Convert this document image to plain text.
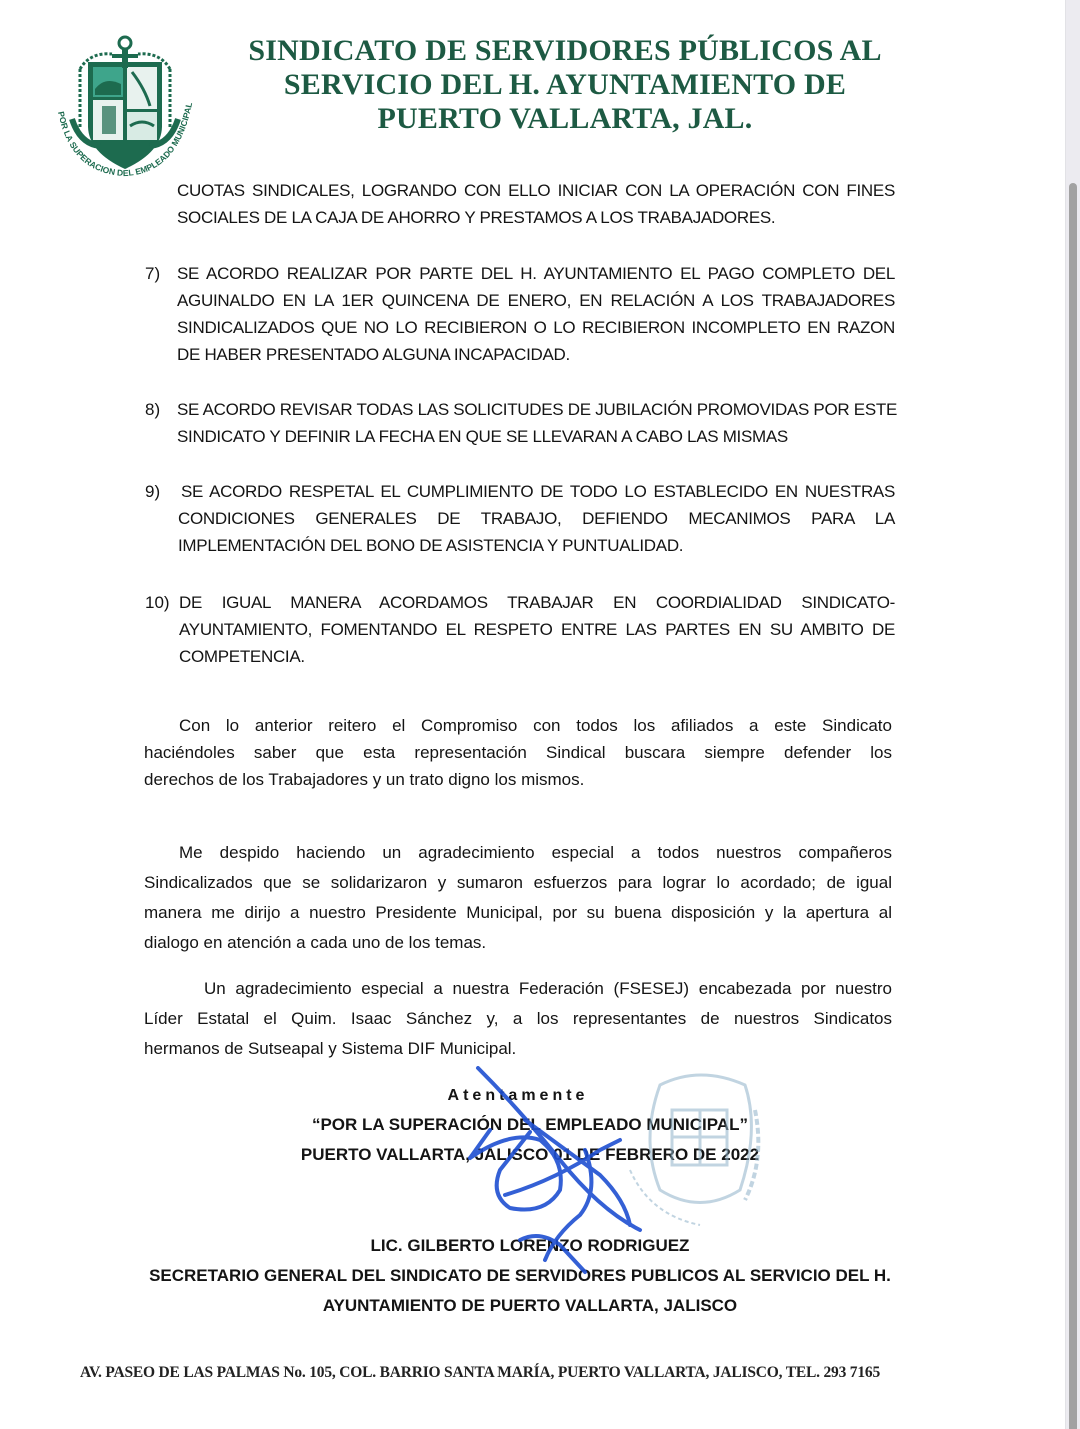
POR LA SUPERACION DEL EMPLEADO MUNICIPAL
SINDICATO DE SERVIDORES PÚBLICOS AL
SERVICIO DEL H. AYUNTAMIENTO DE
PUERTO VALLARTA, JAL.
CUOTAS SINDICALES, LOGRANDO CON ELLO INICIAR CON LA OPERACIÓN CON FINES
SOCIALES DE LA CAJA DE AHORRO Y PRESTAMOS A LOS TRABAJADORES.
7) SE ACORDO REALIZAR POR PARTE DEL H. AYUNTAMIENTO EL PAGO COMPLETO DEL
AGUINALDO EN LA 1ER QUINCENA DE ENERO, EN RELACIÓN A LOS TRABAJADORES
SINDICALIZADOS QUE NO LO RECIBIERON O LO RECIBIERON INCOMPLETO EN RAZON
DE HABER PRESENTADO ALGUNA INCAPACIDAD.
8) SE ACORDO REVISAR TODAS LAS SOLICITUDES DE JUBILACIÓN PROMOVIDAS POR ESTE
SINDICATO Y DEFINIR LA FECHA EN QUE SE LLEVARAN A CABO LAS MISMAS
9) SE ACORDO RESPETAL EL CUMPLIMIENTO DE TODO LO ESTABLECIDO EN NUESTRAS
CONDICIONES GENERALES DE TRABAJO, DEFIENDO MECANIMOS PARA LA
IMPLEMENTACIÓN DEL BONO DE ASISTENCIA Y PUNTUALIDAD.
10) DE IGUAL MANERA ACORDAMOS TRABAJAR EN COORDIALIDAD SINDICATO-
AYUNTAMIENTO, FOMENTANDO EL RESPETO ENTRE LAS PARTES EN SU AMBITO DE
COMPETENCIA.
Con lo anterior reitero el Compromiso con todos los afiliados a este Sindicato
haciéndoles saber que esta representación Sindical buscara siempre defender los
derechos de los Trabajadores y un trato digno los mismos.
Me despido haciendo un agradecimiento especial a todos nuestros compañeros
Sindicalizados que se solidarizaron y sumaron esfuerzos para lograr lo acordado; de igual
manera me dirijo a nuestro Presidente Municipal, por su buena disposición y la apertura al
dialogo en atención a cada uno de los temas.
Un agradecimiento especial a nuestra Federación (FSESEJ) encabezada por nuestro
Líder Estatal el Quim. Isaac Sánchez y, a los representantes de nuestros Sindicatos
hermanos de Sutseapal y Sistema DIF Municipal.
Atentamente
“POR LA SUPERACIÓN DEL EMPLEADO MUNICIPAL”
PUERTO VALLARTA, JALISCO 01 DE FEBRERO DE 2022
LIC. GILBERTO LORENZO RODRIGUEZ
SECRETARIO GENERAL DEL SINDICATO DE SERVIDORES PUBLICOS AL SERVICIO DEL H.
AYUNTAMIENTO DE PUERTO VALLARTA, JALISCO
AV. PASEO DE LAS PALMAS No. 105, COL. BARRIO SANTA MARÍA, PUERTO VALLARTA, JALISCO, TEL. 293 7165
